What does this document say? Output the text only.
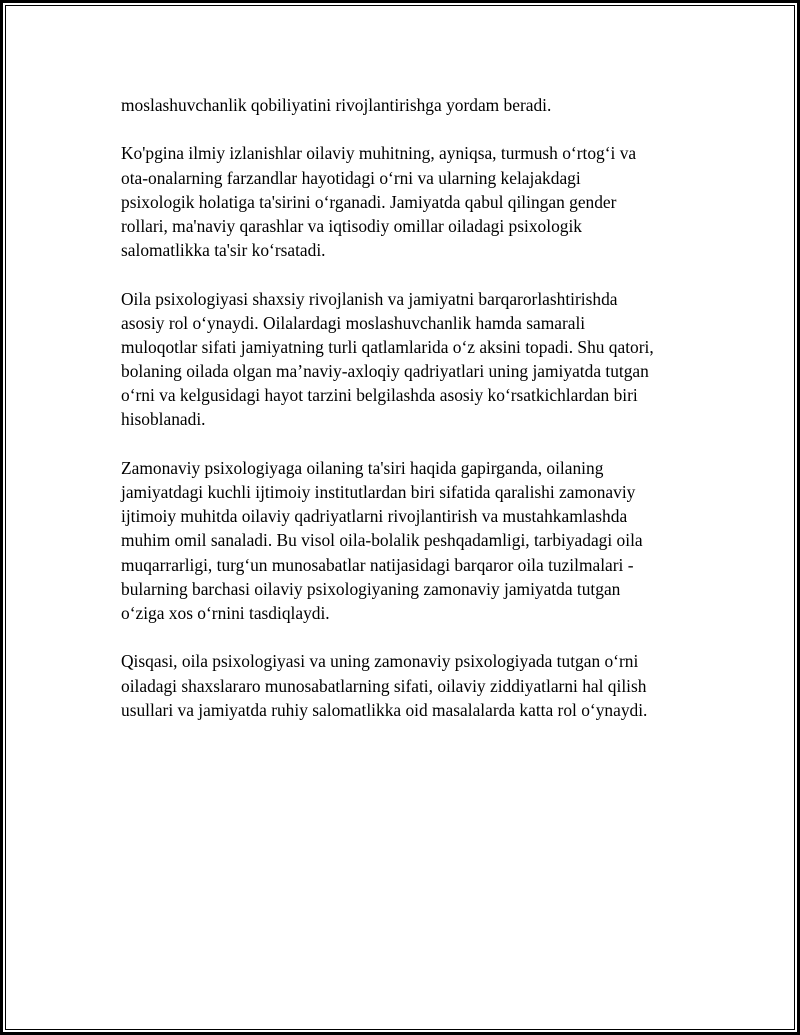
moslashuvchanlik qobiliyatini rivojlantirishga yordam beradi.

Ko'pgina ilmiy izlanishlar oilaviy muhitning, ayniqsa, turmush o‘rtog‘i va
ota-onalarning farzandlar hayotidagi o‘rni va ularning kelajakdagi
psixologik holatiga ta'sirini o‘rganadi. Jamiyatda qabul qilingan gender
rollari, ma'naviy qarashlar va iqtisodiy omillar oiladagi psixologik
salomatlikka ta'sir ko‘rsatadi.

Oila psixologiyasi shaxsiy rivojlanish va jamiyatni barqarorlashtirishda
asosiy rol o‘ynaydi. Oilalardagi moslashuvchanlik hamda samarali
muloqotlar sifati jamiyatning turli qatlamlarida o‘z aksini topadi. Shu qatori,
bolaning oilada olgan ma’naviy-axloqiy qadriyatlari uning jamiyatda tutgan
o‘rni va kelgusidagi hayot tarzini belgilashda asosiy ko‘rsatkichlardan biri
hisoblanadi.

Zamonaviy psixologiyaga oilaning ta'siri haqida gapirganda, oilaning
jamiyatdagi kuchli ijtimoiy institutlardan biri sifatida qaralishi zamonaviy
ijtimoiy muhitda oilaviy qadriyatlarni rivojlantirish va mustahkamlashda
muhim omil sanaladi. Bu visol oila-bolalik peshqadamligi, tarbiyadagi oila
muqarrarligi, turg‘un munosabatlar natijasidagi barqaror oila tuzilmalari -
bularning barchasi oilaviy psixologiyaning zamonaviy jamiyatda tutgan
o‘ziga xos o‘rnini tasdiqlaydi.

Qisqasi, oila psixologiyasi va uning zamonaviy psixologiyada tutgan o‘rni
oiladagi shaxslararo munosabatlarning sifati, oilaviy ziddiyatlarni hal qilish
usullari va jamiyatda ruhiy salomatlikka oid masalalarda katta rol o‘ynaydi.
